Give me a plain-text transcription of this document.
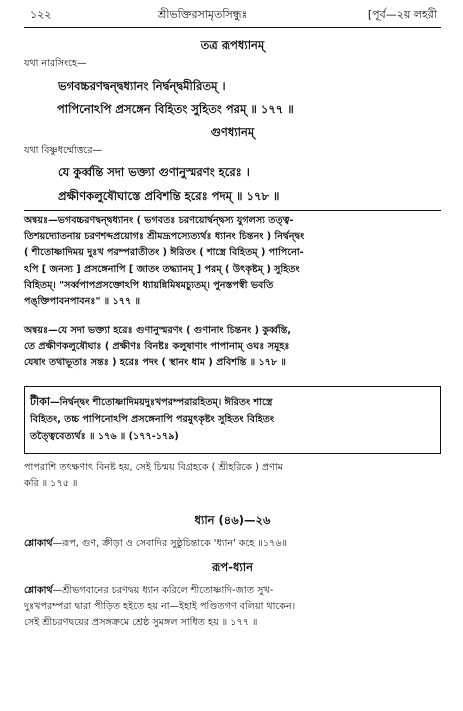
১২২	শ্রীভক্তিরসামৃতসিন্ধুঃ	[পূর্ব—২য় লহরী
তত্র রূপধ্যানম্
যথা নারসিংহে—
ভগবচ্চরণদ্বন্দ্বধ্যানং নির্দ্বন্দ্বমীরিতম্ ।
পাপিনোঽপি প্রসঙ্গেন বিহিতং সুহিতং পরম্ ॥ ১৭৭ ॥
গুণধ্যানম্
যথা বিষ্ণুধর্ম্মোত্তরে—
যে কুর্ব্বন্তি সদা ভক্ত্যা গুণানুস্মরণং হরেঃ ।
প্রক্ষীণকলুষৌঘাস্তে প্রবিশন্তি হরেঃ পদম্ ॥ ১৭৮ ॥
অন্বয়ঃ—ভগবচ্চরণদ্বন্দ্বধ্যানং ( ভগবতঃ চরণয়োর্দ্বন্দ্বস্য যুগলস্য তত্ত্ব-
তিশয়দ্যোতনায় চরণশব্দপ্রয়োগঃ শ্রীমদ্রূপস্যেত্যর্থঃ ধ্যানং চিন্তনং ) নির্দ্বন্দ্বং
( শীতোষ্ণাদিময় দুঃখ পরম্পরাতীতং ) ঈরিতং ( শাস্ত্রে বিহিতম্ ) পাপিনো-
ঽপি [ জনস্য ] প্রসঙ্গেনাপি [ জাতং তদ্ধ্যানম্ ] পরম্ ( উৎকৃষ্টম্ ) সুহিতং
বিহিতম্। "সর্ব্বপাপপ্রসক্তোঽপি ধ্যায়ন্নিমিষমচ্যুতম্। পুনস্তপস্বী ভবতি
পঙ্‌ক্তিপাবনপাবনঃ" ॥ ১৭৭ ॥
অন্বয়ঃ—যে সদা ভক্ত্যা হরেঃ গুণানুস্মরণং ( গুণানাং চিন্তনং ) কুর্ব্বন্তি,
তে প্রক্ষীণকলুষৌঘাঃ ( প্রক্ষীণঃ বিনষ্টঃ কলুষাণাং পাপানাম্ ওঘঃ সমূহঃ
যেষাং তথাভূতাঃ সন্তঃ ) হরেঃ পদং ( স্থানং ধাম ) প্রবিশন্তি ॥ ১৭৮ ॥
টীকা—নির্দ্বন্দ্বং শীতোষ্ণাদিময়দুঃখপরম্পরারহিতম্। ঈরিতং শাস্ত্রে
বিহিতং, তচ্চ পাপিনোঽপি প্রসঙ্গেনাপি পরমুৎকৃষ্টং সুহিতং বিহিতং
তত্ত্বৈবেত্যর্থঃ ॥ ১৭৬ ॥ (১৭৭-১৭৯)
পাপরাশি তৎক্ষণাৎ বিনষ্ট হয়, সেই চিন্ময় বিগ্রহকে ( শ্রীহরিকে ) প্রণাম
করি ॥ ১৭৫ ॥
ধ্যান (৪৬)—২৬
শ্লোকার্থ—রূপ, গুণ, ক্রীড়া ও সেবাদির সুষ্ঠুচিন্তাকে 'ধ্যান' কহে ॥১৭৬॥
রূপ-ধ্যান
শ্লোকার্থ—শ্রীভগবানের চরণদ্বয় ধ্যান করিলে শীতোষ্ণাদি-জাত সুখ-
দুঃখপরম্পরা দ্বারা পীড়িত হইতে হয় না—ইহাই পণ্ডিতগণ বলিয়া থাকেন।
সেই শ্রীচরণদ্বয়ের প্রসঙ্গক্রমে শ্রেষ্ঠ সুমঙ্গল সাধিত হয় ॥ ১৭৭ ॥
